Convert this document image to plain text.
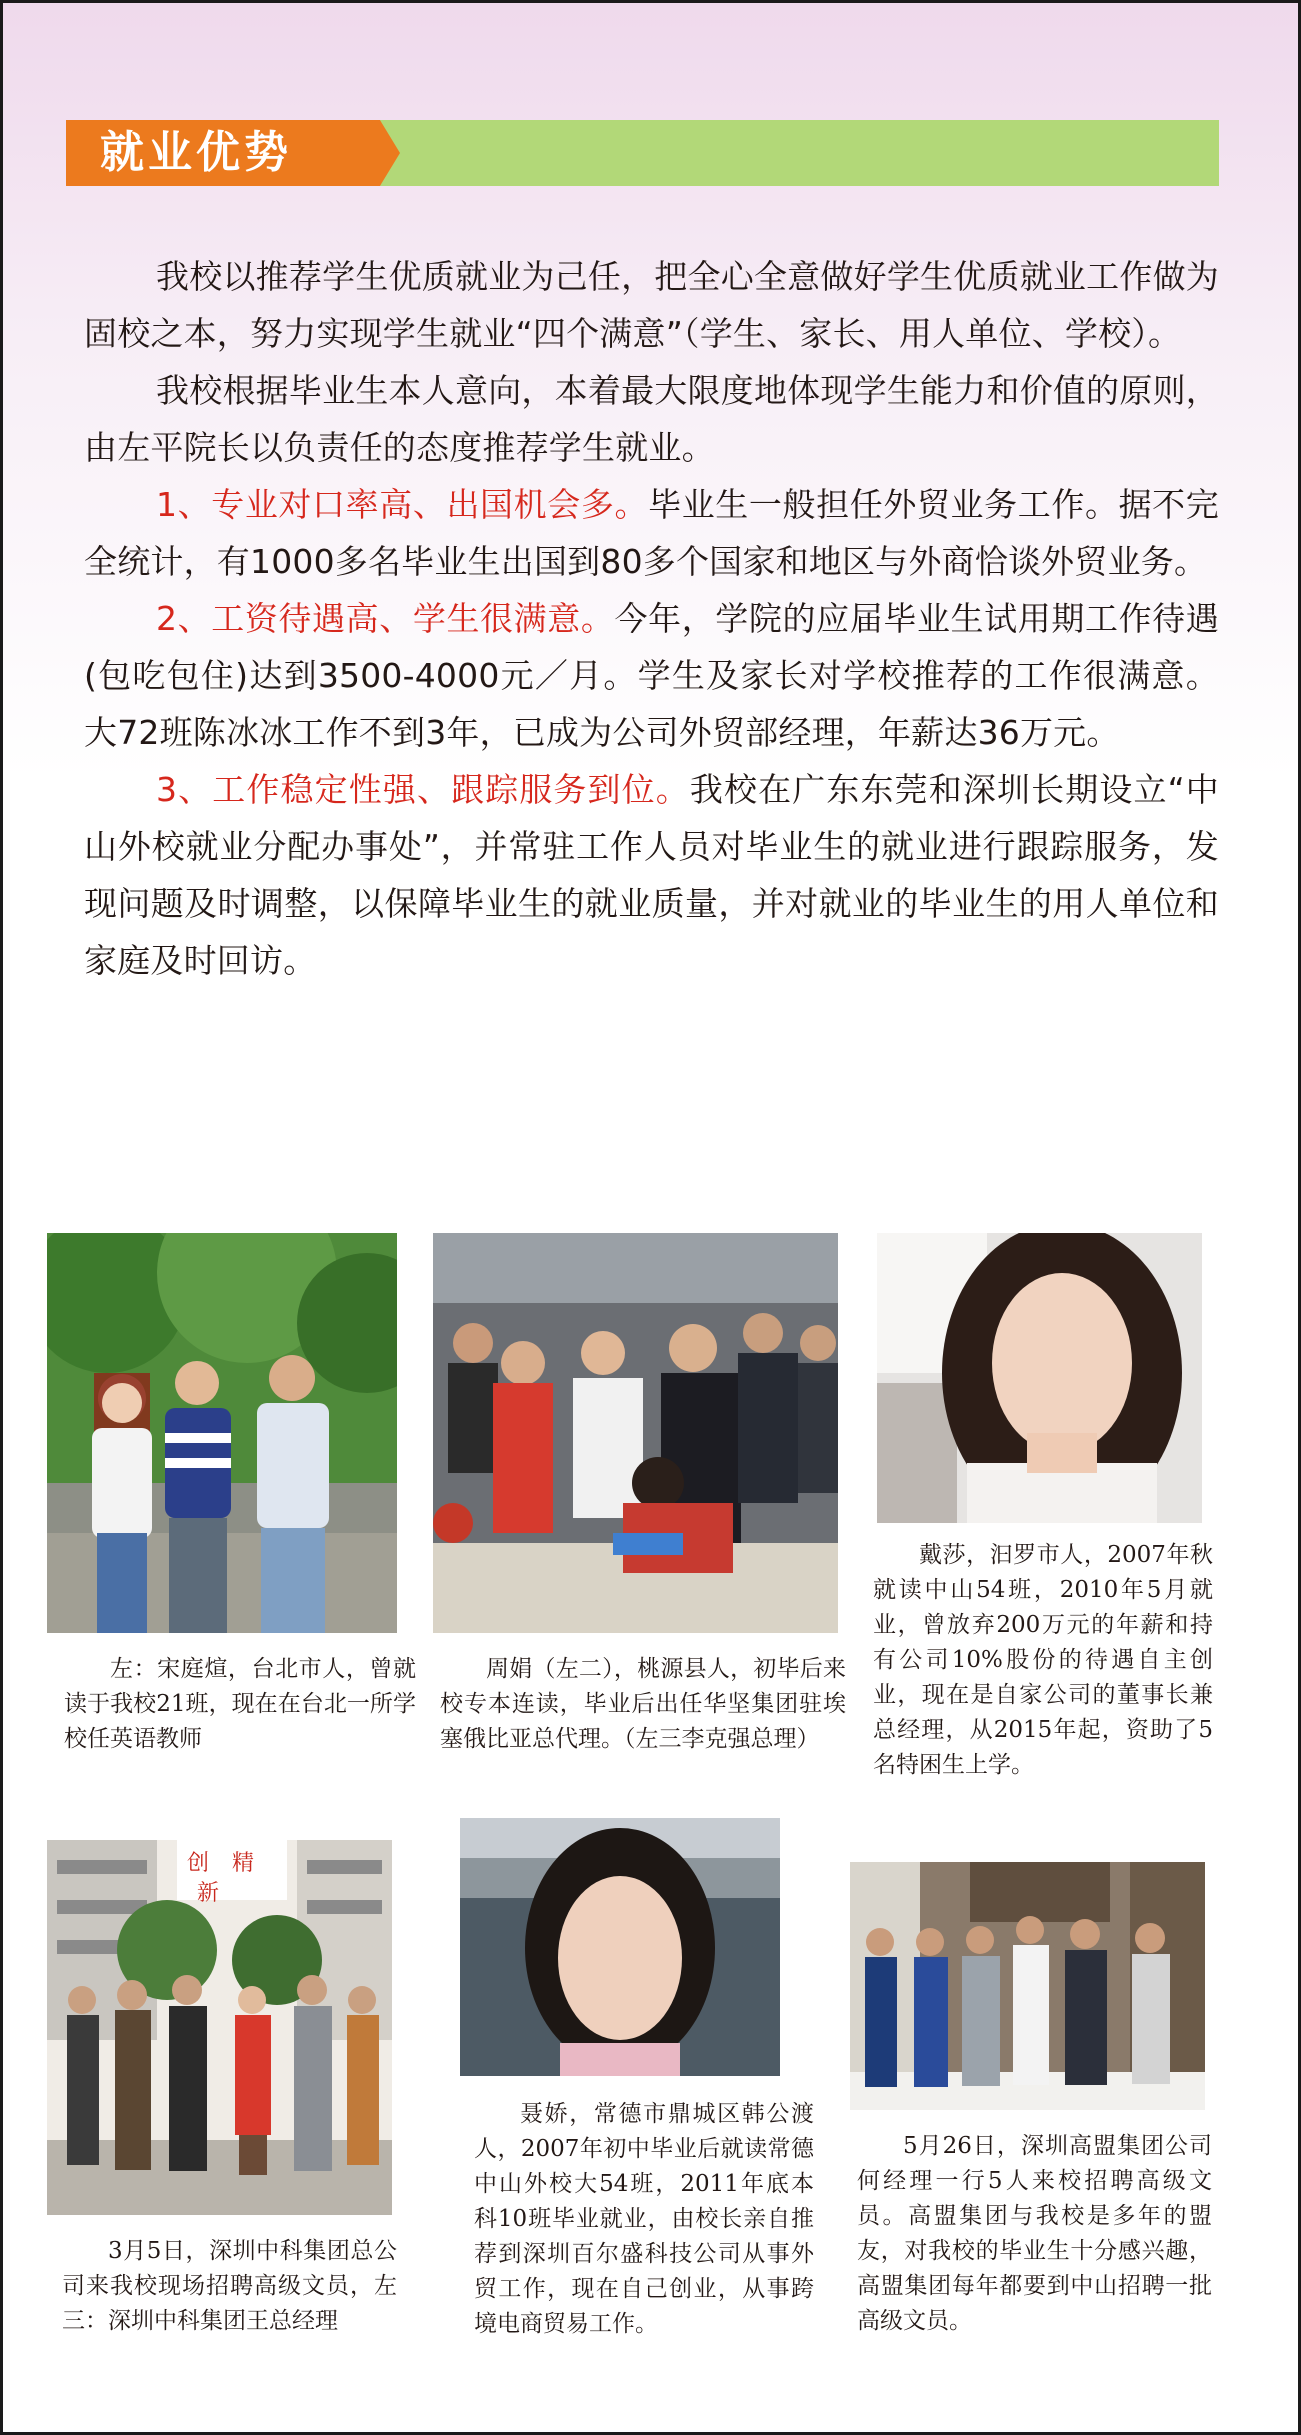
就业优势

我校以推荐学生优质就业为己任，把全心全意做好学生优质就业工作做为固校之本，努力实现学生就业“四个满意”（学生、家长、用人单位、学校）。

我校根据毕业生本人意向，本着最大限度地体现学生能力和价值的原则，由左平院长以负责任的态度推荐学生就业。

1、专业对口率高、出国机会多。毕业生一般担任外贸业务工作。据不完全统计，有1000多名毕业生出国到80多个国家和地区与外商恰谈外贸业务。

2、工资待遇高、学生很满意。今年，学院的应届毕业生试用期工作待遇(包吃包住)达到3500-4000元／月。学生及家长对学校推荐的工作很满意。大72班陈冰冰工作不到3年，已成为公司外贸部经理，年薪达36万元。

3、工作稳定性强、跟踪服务到位。我校在广东东莞和深圳长期设立“中山外校就业分配办事处”，并常驻工作人员对毕业生的就业进行跟踪服务，发现问题及时调整，以保障毕业生的就业质量，并对就业的毕业生的用人单位和家庭及时回访。

左：宋庭煊，台北市人，曾就读于我校21班，现在在台北一所学校任英语教师
周娟（左二），桃源县人，初毕后来校专本连读，毕业后出任华坚集团驻埃塞俄比亚总代理。（左三李克强总理）
戴莎，汩罗市人，2007年秋就读中山54班，2010年5月就业，曾放弃200万元的年薪和持有公司10%股份的待遇自主创业，现在是自家公司的董事长兼总经理，从2015年起，资助了5名特困生上学。
创 精
新
3月5日，深圳中科集团总公司来我校现场招聘高级文员，左三：深圳中科集团王总经理
聂娇，常德市鼎城区韩公渡人，2007年初中毕业后就读常德中山外校大54班，2011年底本科10班毕业就业，由校长亲自推荐到深圳百尔盛科技公司从事外贸工作，现在自己创业，从事跨境电商贸易工作。
5月26日，深圳高盟集团公司何经理一行5人来校招聘高级文员。高盟集团与我校是多年的盟友，对我校的毕业生十分感兴趣，高盟集团每年都要到中山招聘一批高级文员。
